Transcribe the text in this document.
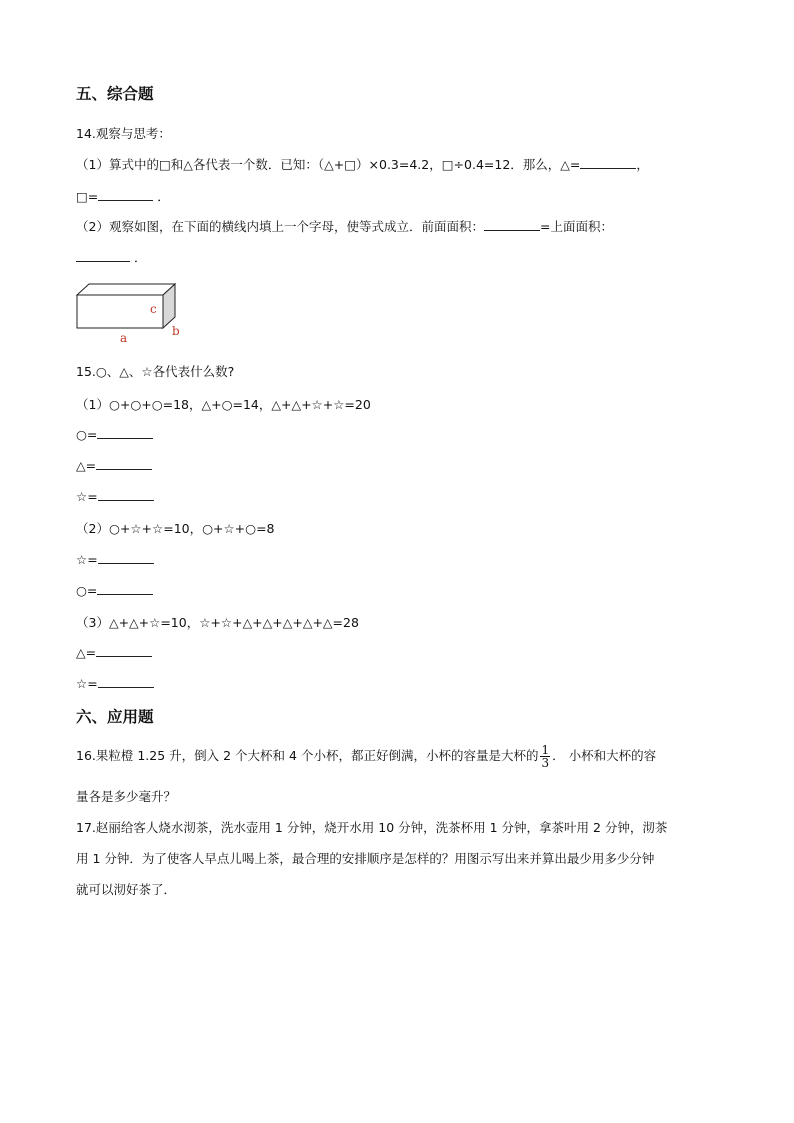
五、综合题
14.观察与思考：
（1）算式中的□和△各代表一个数．已知：（△+□）×0.3=4.2，□÷0.4=12．那么，△=	，
□=	．
（2）观察如图，在下面的横线内填上一个字母，使等式成立．前面面积：	=上面面积：
．
a	b
c
15.○、△、☆各代表什么数?
（1）○+○+○=18，△+○=14，△+△+☆+☆=20
○=
△=
☆=
（2）○+☆+☆=10，○+☆+○=8
☆=
○=
（3）△+△+☆=10，☆+☆+△+△+△+△+△=28
△=
☆=
六、应用题
16.果粒橙 1.25 升，倒入 2 个大杯和 4 个小杯，都正好倒满，小杯的容量是大杯的 $\frac{1}{3}$ ． 小杯和大杯的容
量各是多少毫升？
17.赵丽给客人烧水沏茶，洗水壶用 1 分钟，烧开水用 10 分钟，洗茶杯用 1 分钟，拿茶叶用 2 分钟，沏茶
用 1 分钟．为了使客人早点儿喝上茶，最合理的安排顺序是怎样的？用图示写出来并算出最少用多少分钟
就可以沏好茶了．
